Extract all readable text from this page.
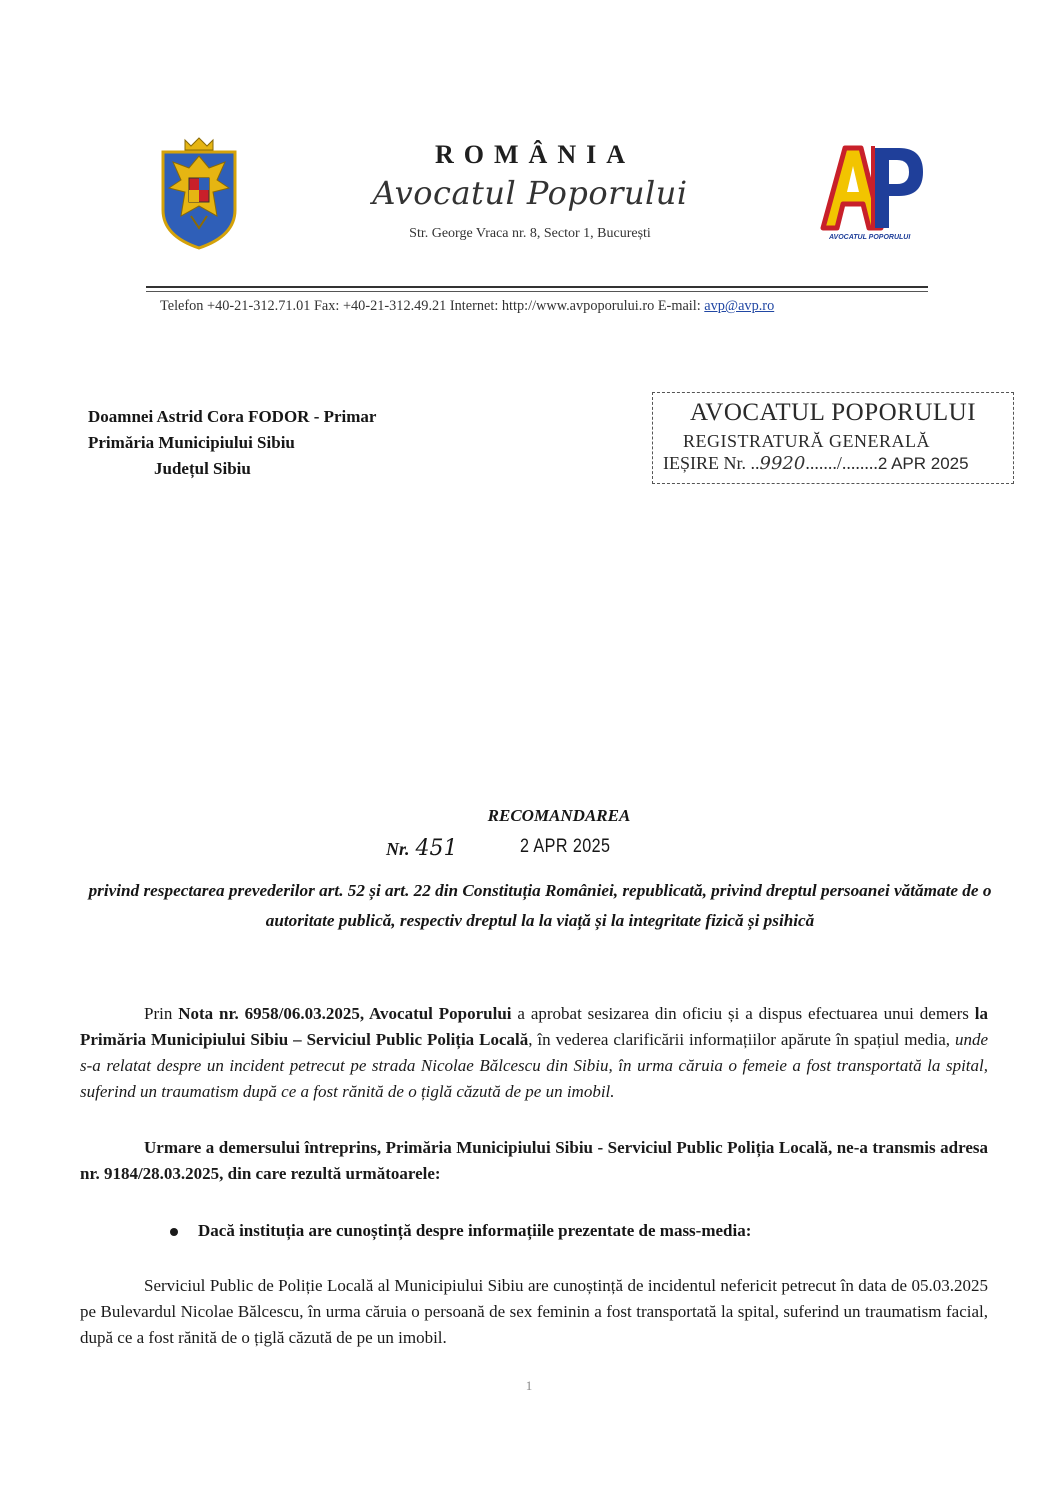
ROMÂNIA
Avocatul Poporului
Str. George Vraca nr. 8, Sector 1, București	AVOCATUL POPORULUI
Telefon +40-21-312.71.01 Fax: +40-21-312.49.21 Internet: http://www.avpoporului.ro E-mail: avp@avp.ro
Doamnei Astrid Cora FODOR - Primar
Primăria Municipiului Sibiu
Județul Sibiu
AVOCATUL POPORULUI
REGISTRATURĂ GENERALĂ
IEȘIRE Nr. ..9920......./........2 APR 2025
RECOMANDAREA
Nr. 451	2 APR 2025
privind respectarea prevederilor art. 52 și art. 22 din Constituția României, republicată, privind dreptul persoanei vătămate de o autoritate publică, respectiv dreptul la la viață și la integritate fizică și psihică
Prin Nota nr. 6958/06.03.2025, Avocatul Poporului a aprobat sesizarea din oficiu și a dispus efectuarea unui demers la Primăria Municipiului Sibiu – Serviciul Public Poliția Locală, în vederea clarificării informațiilor apărute în spațiul media, unde s-a relatat despre un incident petrecut pe strada Nicolae Bălcescu din Sibiu, în urma căruia o femeie a fost transportată la spital, suferind un traumatism după ce a fost rănită de o țiglă căzută de pe un imobil.
Urmare a demersului întreprins, Primăria Municipiului Sibiu - Serviciul Public Poliția Locală, ne-a transmis adresa nr. 9184/28.03.2025, din care rezultă următoarele:
Dacă instituția are cunoștință despre informațiile prezentate de mass-media:
Serviciul Public de Poliție Locală al Municipiului Sibiu are cunoștință de incidentul nefericit petrecut în data de 05.03.2025 pe Bulevardul Nicolae Bălcescu, în urma căruia o persoană de sex feminin a fost transportată la spital, suferind un traumatism facial, după ce a fost rănită de o țiglă căzută de pe un imobil.
1
